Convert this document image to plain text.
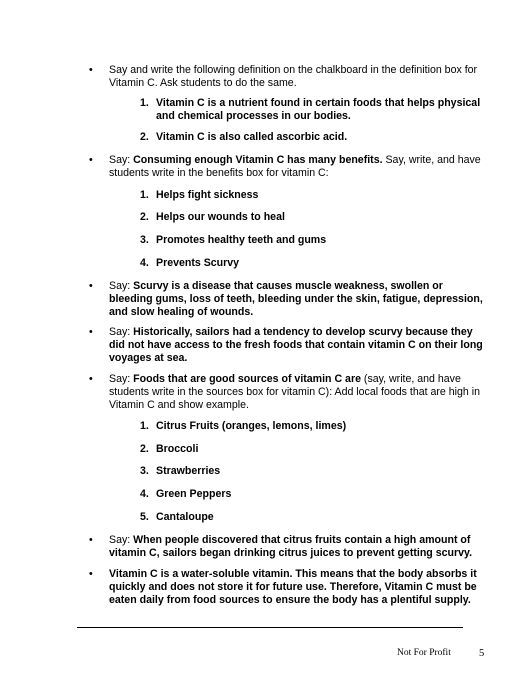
•	Say and write the following definition on the chalkboard in the definition box for Vitamin C. Ask students to do the same.
1. Vitamin C is a nutrient found in certain foods that helps physical and chemical processes in our bodies.
2. Vitamin C is also called ascorbic acid.
•	Say: Consuming enough Vitamin C has many benefits. Say, write, and have students write in the benefits box for vitamin C:
1. Helps fight sickness
2. Helps our wounds to heal
3. Promotes healthy teeth and gums
4. Prevents Scurvy
•	Say: Scurvy is a disease that causes muscle weakness, swollen or bleeding gums, loss of teeth, bleeding under the skin, fatigue, depression, and slow healing of wounds.
•	Say: Historically, sailors had a tendency to develop scurvy because they did not have access to the fresh foods that contain vitamin C on their long voyages at sea.
•	Say: Foods that are good sources of vitamin C are (say, write, and have students write in the sources box for vitamin C): Add local foods that are high in Vitamin C and show example.
1. Citrus Fruits (oranges, lemons, limes)
2. Broccoli
3. Strawberries
4. Green Peppers
5. Cantaloupe
•	Say: When people discovered that citrus fruits contain a high amount of vitamin C, sailors began drinking citrus juices to prevent getting scurvy.
•	Vitamin C is a water-soluble vitamin. This means that the body absorbs it quickly and does not store it for future use. Therefore, Vitamin C must be eaten daily from food sources to ensure the body has a plentiful supply.
Not For Profit	5
